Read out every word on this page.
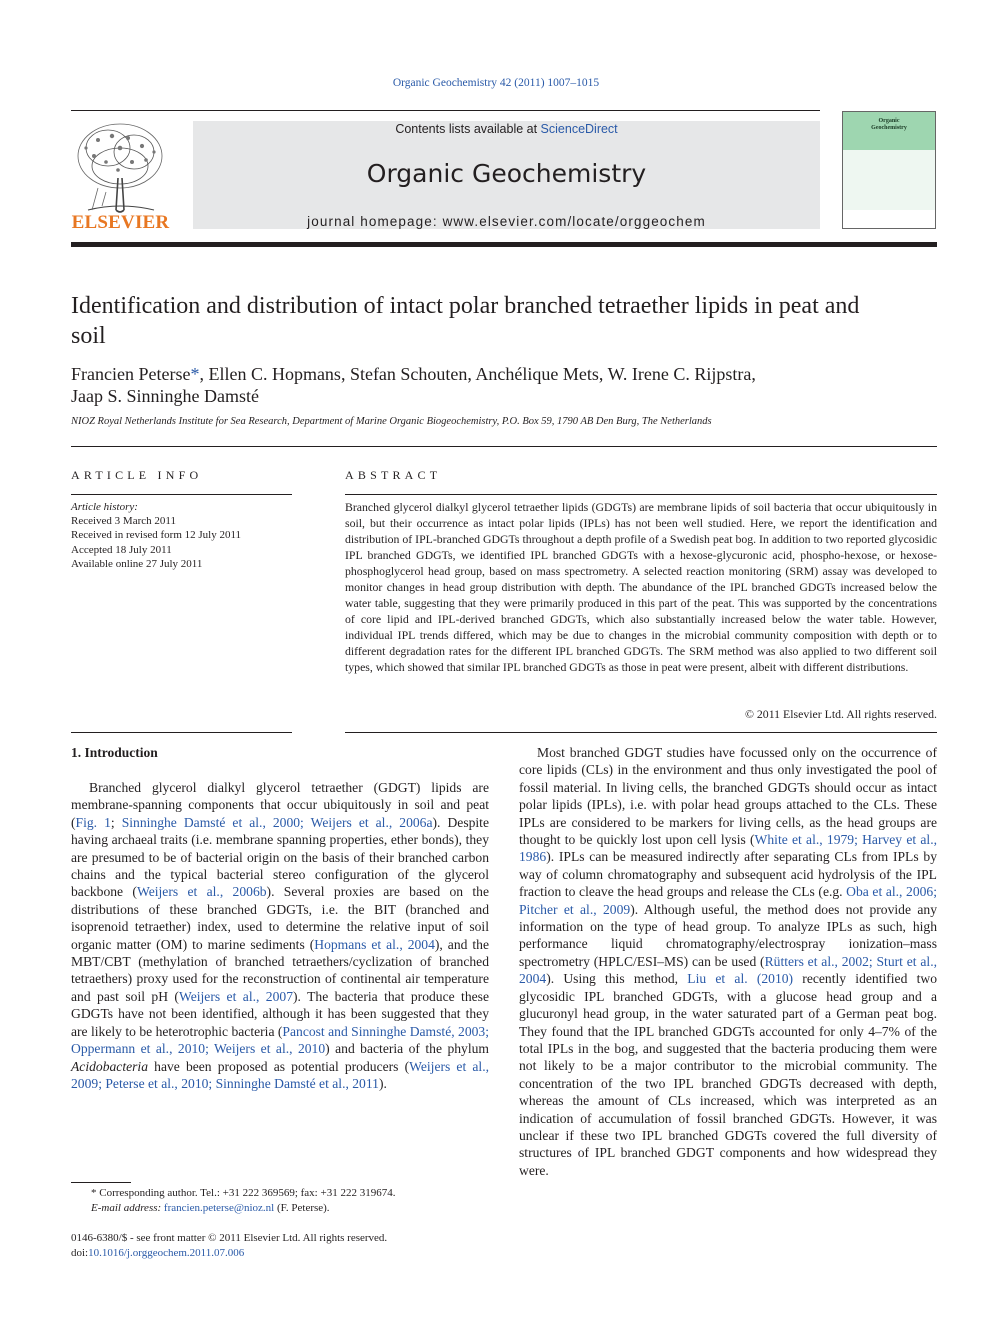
Organic Geochemistry 42 (2011) 1007–1015
ELSEVIER
Contents lists available at ScienceDirect
Organic Geochemistry
journal homepage: www.elsevier.com/locate/orggeochem
Organic
Geochemistry
Identification and distribution of intact polar branched tetraether lipids in peat and soil
Francien Peterse*, Ellen C. Hopmans, Stefan Schouten, Anchélique Mets, W. Irene C. Rijpstra,
Jaap S. Sinninghe Damsté
NIOZ Royal Netherlands Institute for Sea Research, Department of Marine Organic Biogeochemistry, P.O. Box 59, 1790 AB Den Burg, The Netherlands
ARTICLE INFO	ABSTRACT
Article history:
Received 3 March 2011
Received in revised form 12 July 2011
Accepted 18 July 2011
Available online 27 July 2011
Branched glycerol dialkyl glycerol tetraether lipids (GDGTs) are membrane lipids of soil bacteria that occur ubiquitously in soil, but their occurrence as intact polar lipids (IPLs) has not been well studied. Here, we report the identification and distribution of IPL-branched GDGTs throughout a depth profile of a Swedish peat bog. In addition to two reported glycosidic IPL branched GDGTs, we identified IPL branched GDGTs with a hexose-glycuronic acid, phospho-hexose, or hexose-phosphoglycerol head group, based on mass spectrometry. A selected reaction monitoring (SRM) assay was developed to monitor changes in head group distribution with depth. The abundance of the IPL branched GDGTs increased below the water table, suggesting that they were primarily produced in this part of the peat. This was supported by the concentrations of core lipid and IPL-derived branched GDGTs, which also substantially increased below the water table. However, individual IPL trends differed, which may be due to changes in the microbial community composition with depth or to different degradation rates for the different IPL branched GDGTs. The SRM method was also applied to two different soil types, which showed that similar IPL branched GDGTs as those in peat were present, albeit with different distributions.
© 2011 Elsevier Ltd. All rights reserved.
1. Introduction
Branched glycerol dialkyl glycerol tetraether (GDGT) lipids are membrane-spanning components that occur ubiquitously in soil and peat (Fig. 1; Sinninghe Damsté et al., 2000; Weijers et al., 2006a). Despite having archaeal traits (i.e. membrane spanning properties, ether bonds), they are presumed to be of bacterial origin on the basis of their branched carbon chains and the typical bacterial stereo configuration of the glycerol backbone (Weijers et al., 2006b). Several proxies are based on the distributions of these branched GDGTs, i.e. the BIT (branched and isoprenoid tetraether) index, used to determine the relative input of soil organic matter (OM) to marine sediments (Hopmans et al., 2004), and the MBT/CBT (methylation of branched tetraethers/cyclization of branched tetraethers) proxy used for the reconstruction of continental air temperature and past soil pH (Weijers et al., 2007). The bacteria that produce these GDGTs have not been identified, although it has been suggested that they are likely to be heterotrophic bacteria (Pancost and Sinninghe Damsté, 2003; Oppermann et al., 2010; Weijers et al., 2010) and bacteria of the phylum Acidobacteria have been proposed as potential producers (Weijers et al., 2009; Peterse et al., 2010; Sinninghe Damsté et al., 2011).
Most branched GDGT studies have focussed only on the occurrence of core lipids (CLs) in the environment and thus only investigated the pool of fossil material. In living cells, the branched GDGTs should occur as intact polar lipids (IPLs), i.e. with polar head groups attached to the CLs. These IPLs are considered to be markers for living cells, as the head groups are thought to be quickly lost upon cell lysis (White et al., 1979; Harvey et al., 1986). IPLs can be measured indirectly after separating CLs from IPLs by way of column chromatography and subsequent acid hydrolysis of the IPL fraction to cleave the head groups and release the CLs (e.g. Oba et al., 2006; Pitcher et al., 2009). Although useful, the method does not provide any information on the type of head group. To analyze IPLs as such, high performance liquid chromatography/electrospray ionization–mass spectrometry (HPLC/ESI–MS) can be used (Rütters et al., 2002; Sturt et al., 2004). Using this method, Liu et al. (2010) recently identified two glycosidic IPL branched GDGTs, with a glucose head group and a glucuronyl head group, in the water saturated part of a German peat bog. They found that the IPL branched GDGTs accounted for only 4–7% of the total IPLs in the bog, and suggested that the bacteria producing them were not likely to be a major contributor to the microbial community. The concentration of the two IPL branched GDGTs decreased with depth, whereas the amount of CLs increased, which was interpreted as an indication of accumulation of fossil branched GDGTs. However, it was unclear if these two IPL branched GDGTs covered the full diversity of structures of IPL branched GDGT components and how widespread they were.
* Corresponding author. Tel.: +31 222 369569; fax: +31 222 319674.
E-mail address: francien.peterse@nioz.nl (F. Peterse).
0146-6380/$ - see front matter © 2011 Elsevier Ltd. All rights reserved.
doi:10.1016/j.orggeochem.2011.07.006
